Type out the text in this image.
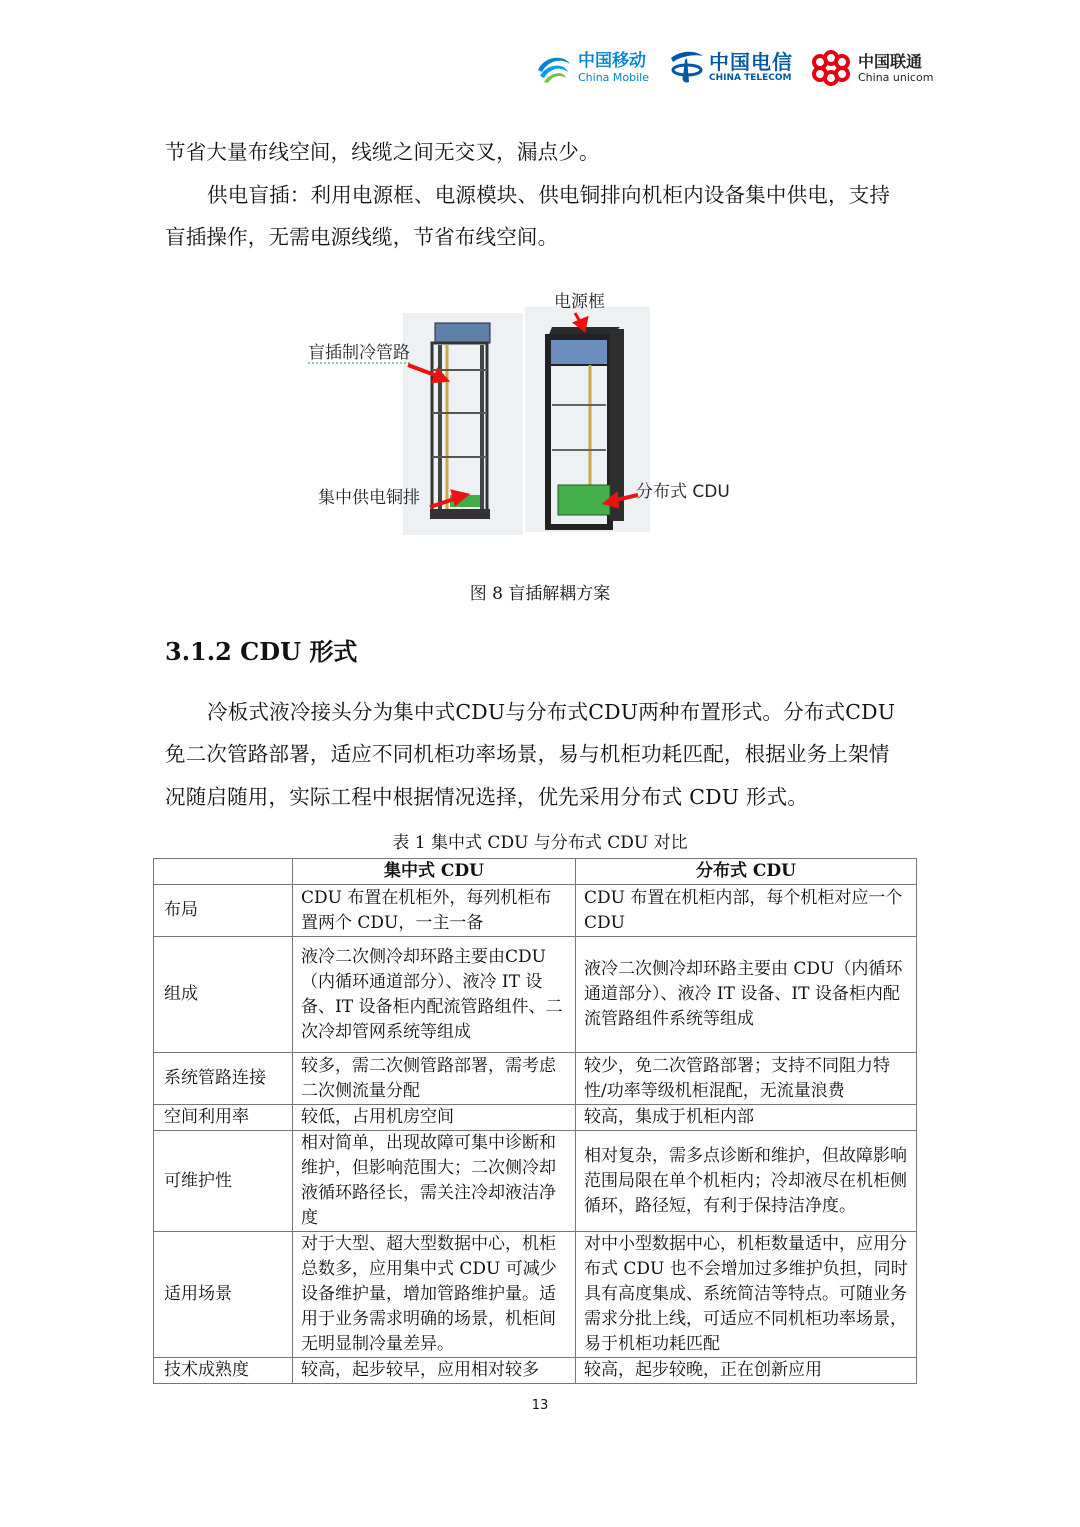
中国移动
China Mobile
中国电信
CHINA TELECOM
中国联通
China unicom
节省大量布线空间，线缆之间无交叉，漏点少。
供电盲插：利用电源框、电源模块、供电铜排向机柜内设备集中供电，支持
盲插操作，无需电源线缆，节省布线空间。
盲插制冷管路
集中供电铜排
电源框
分布式 CDU
图 8 盲插解耦方案
3.1.2 CDU 形式
冷板式液冷接头分为集中式CDU与分布式CDU两种布置形式。分布式CDU
免二次管路部署，适应不同机柜功率场景，易与机柜功耗匹配，根据业务上架情
况随启随用，实际工程中根据情况选择，优先采用分布式 CDU 形式。
表 1 集中式 CDU 与分布式 CDU 对比
	集中式 CDU	分布式 CDU
布局	CDU 布置在机柜外，每列机柜布置两个 CDU，一主一备	CDU 布置在机柜内部，每个机柜对应一个 CDU
组成	液冷二次侧冷却环路主要由CDU（内循环通道部分）、液冷 IT 设备、IT 设备柜内配流管路组件、二次冷却管网系统等组成	液冷二次侧冷却环路主要由 CDU（内循环通道部分）、液冷 IT 设备、IT 设备柜内配流管路组件系统等组成
系统管路连接	较多，需二次侧管路部署，需考虑二次侧流量分配	较少，免二次管路部署；支持不同阻力特性/功率等级机柜混配，无流量浪费
空间利用率	较低，占用机房空间	较高，集成于机柜内部
可维护性	相对简单，出现故障可集中诊断和维护，但影响范围大；二次侧冷却液循环路径长，需关注冷却液洁净度	相对复杂，需多点诊断和维护，但故障影响范围局限在单个机柜内；冷却液尽在机柜侧循环，路径短，有利于保持洁净度。
适用场景	对于大型、超大型数据中心，机柜总数多，应用集中式 CDU 可减少设备维护量，增加管路维护量。适用于业务需求明确的场景，机柜间无明显制冷量差异。	对中小型数据中心，机柜数量适中，应用分布式 CDU 也不会增加过多维护负担，同时具有高度集成、系统简洁等特点。可随业务需求分批上线，可适应不同机柜功率场景，易于机柜功耗匹配
技术成熟度	较高，起步较早，应用相对较多	较高，起步较晚，正在创新应用
13
